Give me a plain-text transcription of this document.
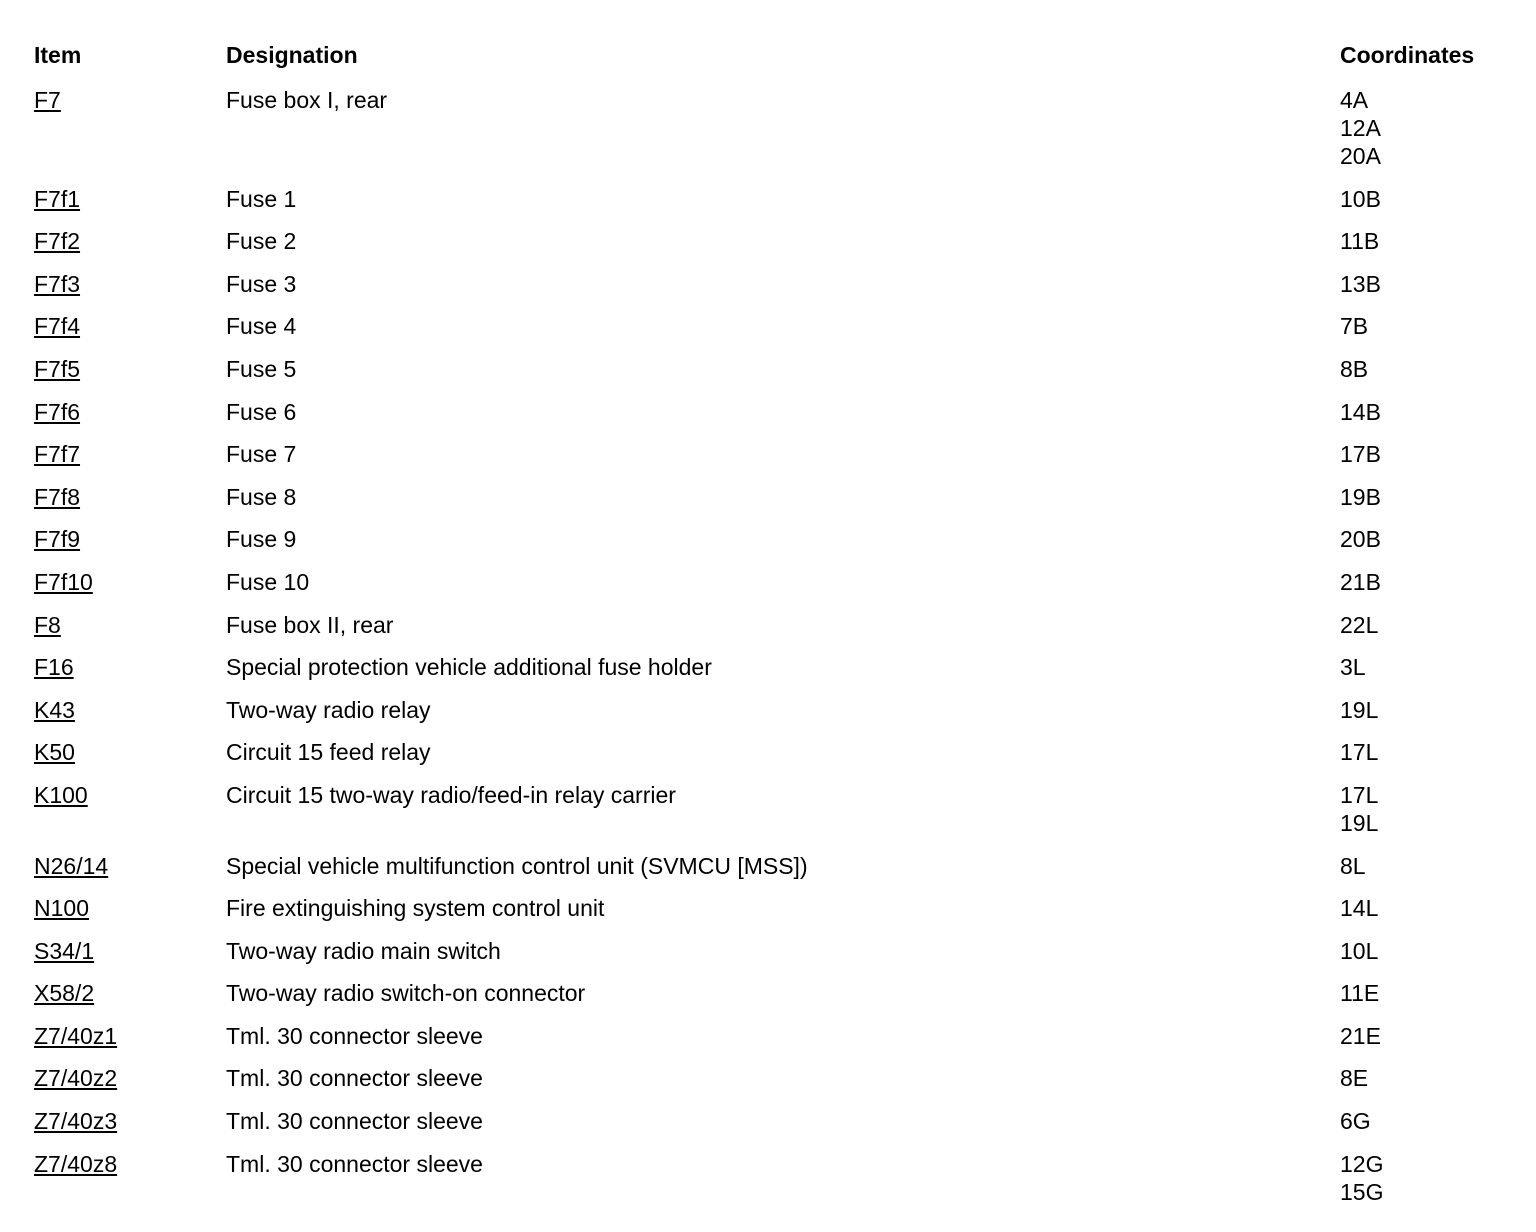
Item	Designation	Coordinates
F7	Fuse box I, rear	4A
12A
20A
F7f1	Fuse 1	10B
F7f2	Fuse 2	11B
F7f3	Fuse 3	13B
F7f4	Fuse 4	7B
F7f5	Fuse 5	8B
F7f6	Fuse 6	14B
F7f7	Fuse 7	17B
F7f8	Fuse 8	19B
F7f9	Fuse 9	20B
F7f10	Fuse 10	21B
F8	Fuse box II, rear	22L
F16	Special protection vehicle additional fuse holder	3L
K43	Two-way radio relay	19L
K50	Circuit 15 feed relay	17L
K100	Circuit 15 two-way radio/feed-in relay carrier	17L
19L
N26/14	Special vehicle multifunction control unit (SVMCU [MSS])	8L
N100	Fire extinguishing system control unit	14L
S34/1	Two-way radio main switch	10L
X58/2	Two-way radio switch-on connector	11E
Z7/40z1	Tml. 30 connector sleeve	21E
Z7/40z2	Tml. 30 connector sleeve	8E
Z7/40z3	Tml. 30 connector sleeve	6G
Z7/40z8	Tml. 30 connector sleeve	12G
15G
